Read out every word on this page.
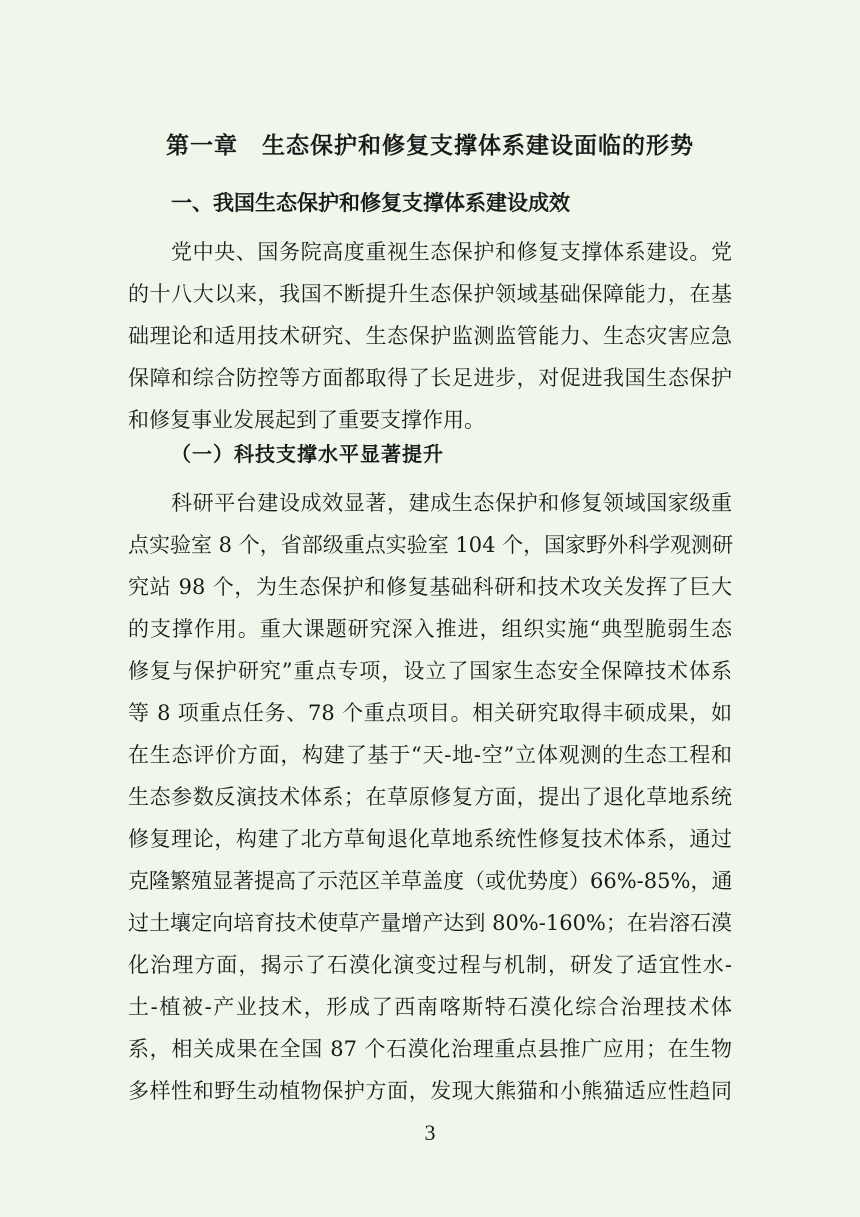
第一章　生态保护和修复支撑体系建设面临的形势
一、我国生态保护和修复支撑体系建设成效
党中央、国务院高度重视生态保护和修复支撑体系建设。党
的十八大以来，我国不断提升生态保护领域基础保障能力，在基
础理论和适用技术研究、生态保护监测监管能力、生态灾害应急
保障和综合防控等方面都取得了长足进步，对促进我国生态保护
和修复事业发展起到了重要支撑作用。
（一）科技支撑水平显著提升
科研平台建设成效显著，建成生态保护和修复领域国家级重
点实验室 8 个，省部级重点实验室 104 个，国家野外科学观测研
究站 98 个，为生态保护和修复基础科研和技术攻关发挥了巨大
的支撑作用。重大课题研究深入推进，组织实施“典型脆弱生态
修复与保护研究”重点专项，设立了国家生态安全保障技术体系
等 8 项重点任务、78 个重点项目。相关研究取得丰硕成果，如
在生态评价方面，构建了基于“天-地-空”立体观测的生态工程和
生态参数反演技术体系；在草原修复方面，提出了退化草地系统
修复理论，构建了北方草甸退化草地系统性修复技术体系，通过
克隆繁殖显著提高了示范区羊草盖度（或优势度）66%-85%，通
过土壤定向培育技术使草产量增产达到 80%-160%；在岩溶石漠
化治理方面，揭示了石漠化演变过程与机制，研发了适宜性水-
土-植被-产业技术，形成了西南喀斯特石漠化综合治理技术体
系，相关成果在全国 87 个石漠化治理重点县推广应用；在生物
多样性和野生动植物保护方面，发现大熊猫和小熊猫适应性趋同
3
